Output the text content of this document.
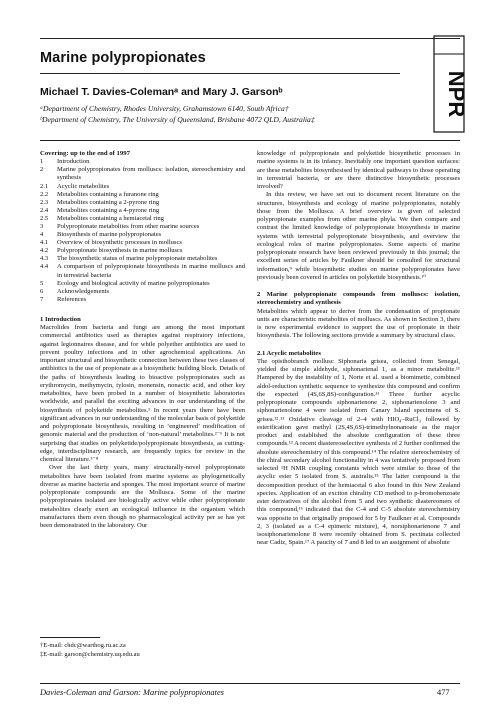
Marine polypropionates
Michael T. Davies-Colemanᵃ and Mary J. Garsonᵇ
ᵃDepartment of Chemistry, Rhodes University, Grahamstown 6140, South Africa†
ᵇDepartment of Chemistry, The University of Queensland, Brisbane 4072 QLD, Australia‡
NPR
Covering: up to the end of 1997
1	Introduction
2	Marine polypropionates from molluscs: isolation, stereochemistry and synthesis
2.1	Acyclic metabolites
2.2	Metabolites containing a furanone ring
2.3	Metabolites containing a 2-pyrone ring
2.4	Metabolites containing a 4-pyrone ring
2.5	Metabolites containing a hemiacetal ring
3	Polypropionate metabolites from other marine sources
4	Biosynthesis of marine polypropionates
4.1	Overview of biosynthetic processes in molluscs
4.2	Polypropionate biosynthesis in marine molluscs
4.3	The biosynthetic status of marine polypropionate metabolites
4.4	A comparison of polypropionate biosynthesis in marine molluscs and in terrestrial bacteria
5	Ecology and biological activity of marine polypropionates
6	Acknowledgements
7	References
1 Introduction

Macrolides from bacteria and fungi are among the most important commercial antibiotics used as therapies against respiratory infections, against legionnaires disease, and for while polyether antibiotics are used to prevent poultry infections and in other agrochemical applications. An important structural and biosynthetic connection between these two classes of antibiotics is the use of propionate as a biosynthetic building block. Details of the paths of biosynthesis leading to bioactive polypropionates such as erythromycin, methymycin, tylosin, monensin, nonactic acid, and other key metabolites, have been probed in a number of biosynthetic laboratories worldwide, and parallel the exciting advances in our understanding of the biosynthesis of polyketide metabolites.¹ In recent years there have been significant advances in our understanding of the molecular basis of polyketide and polypropionate biosynthesis, resulting in ‘engineered’ modification of genomic material and the production of ‘non-natural’ metabolites.²⁻⁶ It is not surprising that studies on polyketide/polypropionate biosynthesis, as cutting-edge, interdisciplinary research, are frequently topics for review in the chemical literature.³⁻⁸

Over the last thirty years, many structurally-novel polypropionate metabolites have been isolated from marine systems as phylogenetically diverse as marine bacteria and sponges. The most important source of marine polypropionate compounds are the Mollusca. Some of the marine polypropionates isolated are biologically active while other polypropionate metabolites clearly exert an ecological influence in the organism which manufactures them even though no pharmacological activity per se has yet been demonstrated in the laboratory. Our

†E-mail: chdc@warthog.ru.ac.za
‡E-mail: garson@chemistry.uq.edu.au

knowledge of polypropionate and polyketide biosynthetic processes in marine systems is in its infancy. Inevitably one important question surfaces: are these metabolites biosynthesised by identical pathways to those operating in terrestrial bacteria, or are there distinctive biosynthetic processes involved?

In this review, we have set out to document recent literature on the structures, biosynthesis and ecology of marine polypropionates, notably those from the Mollusca. A brief overview is given of selected polypropionate examples from other marine phyla. We then compare and contrast the limited knowledge of polypropionate biosynthesis in marine systems with terrestrial polypropionate biosynthesis, and overview the ecological roles of marine polypropionates. Some aspects of marine polypropionate research have been reviewed previously in this journal; the excellent series of articles by Faulkner should be consulted for structural information,⁹ while biosynthetic studies on marine polypropionates have previously been covered in articles on polyketide biosynthesis.¹⁰

2 Marine polypropionate compounds from molluscs: isolation, stereochemistry and synthesis

Metabolites which appear to derive from the condensation of propionate units are characteristic metabolites of molluscs. As shown in Section 3, there is now experimental evidence to support the use of propionate in their biosynthesis. The following sections provide a summary by structural class.

2.1 Acyclic metabolites

The opisthobranch mollusc Siphonaria grisea, collected from Senegal, yielded the simple aldehyde, siphonarienal 1, as a minor metabolite.¹¹ Hampered by the instability of 1, Norte et al. used a biomimetic, combined aldol-reduction synthetic sequence to synthesize this compound and confirm the expected (4S,6S,8S)-configuration.¹¹ Three further acyclic polypropionate compounds siphonarienone 2, siphonarienolone 3 and siphonarienolone 4 were isolated from Canary Island specimens of S. grisea.¹²˒¹³ Oxidative cleavage of 2–4 with HIO₄–RuCl₃ followed by esterification gave methyl (2S,4S,6S)-trimethylnonanoate as the major product and established the absolute configuration of these three compounds.¹² A recent diastereoselective synthesis of 2 further confirmed the absolute stereochemistry of this compound.¹⁴ The relative stereochemistry of the chiral secondary alcohol functionality in 4 was tentatively proposed from selected ¹H NMR coupling constants which were similar to those of the acyclic ester 5 isolated from S. australis.¹⁵ The latter compound is the decomposition product of the hemiacetal 6 also found in this New Zealand species. Application of an exciton chirality CD method to p-bromobenzoate ester derivatives of the alcohol from 5 and two synthetic diastereomers of this compound,¹⁶ indicated that the C-4 and C-5 absolute stereochemistry was opposite to that originally proposed for 5 by Faulkner et al. Compounds 2, 3 (isolated as a C-4 epimeric mixture), 4, norsiphonarienone 7 and isosiphonarienolone 8 were recently obtained from S. pectinata collected near Cadiz, Spain.¹⁷ A paucity of 7 and 8 led to an assignment of absolute

Davies-Coleman and Garson: Marine polypropionates	477
